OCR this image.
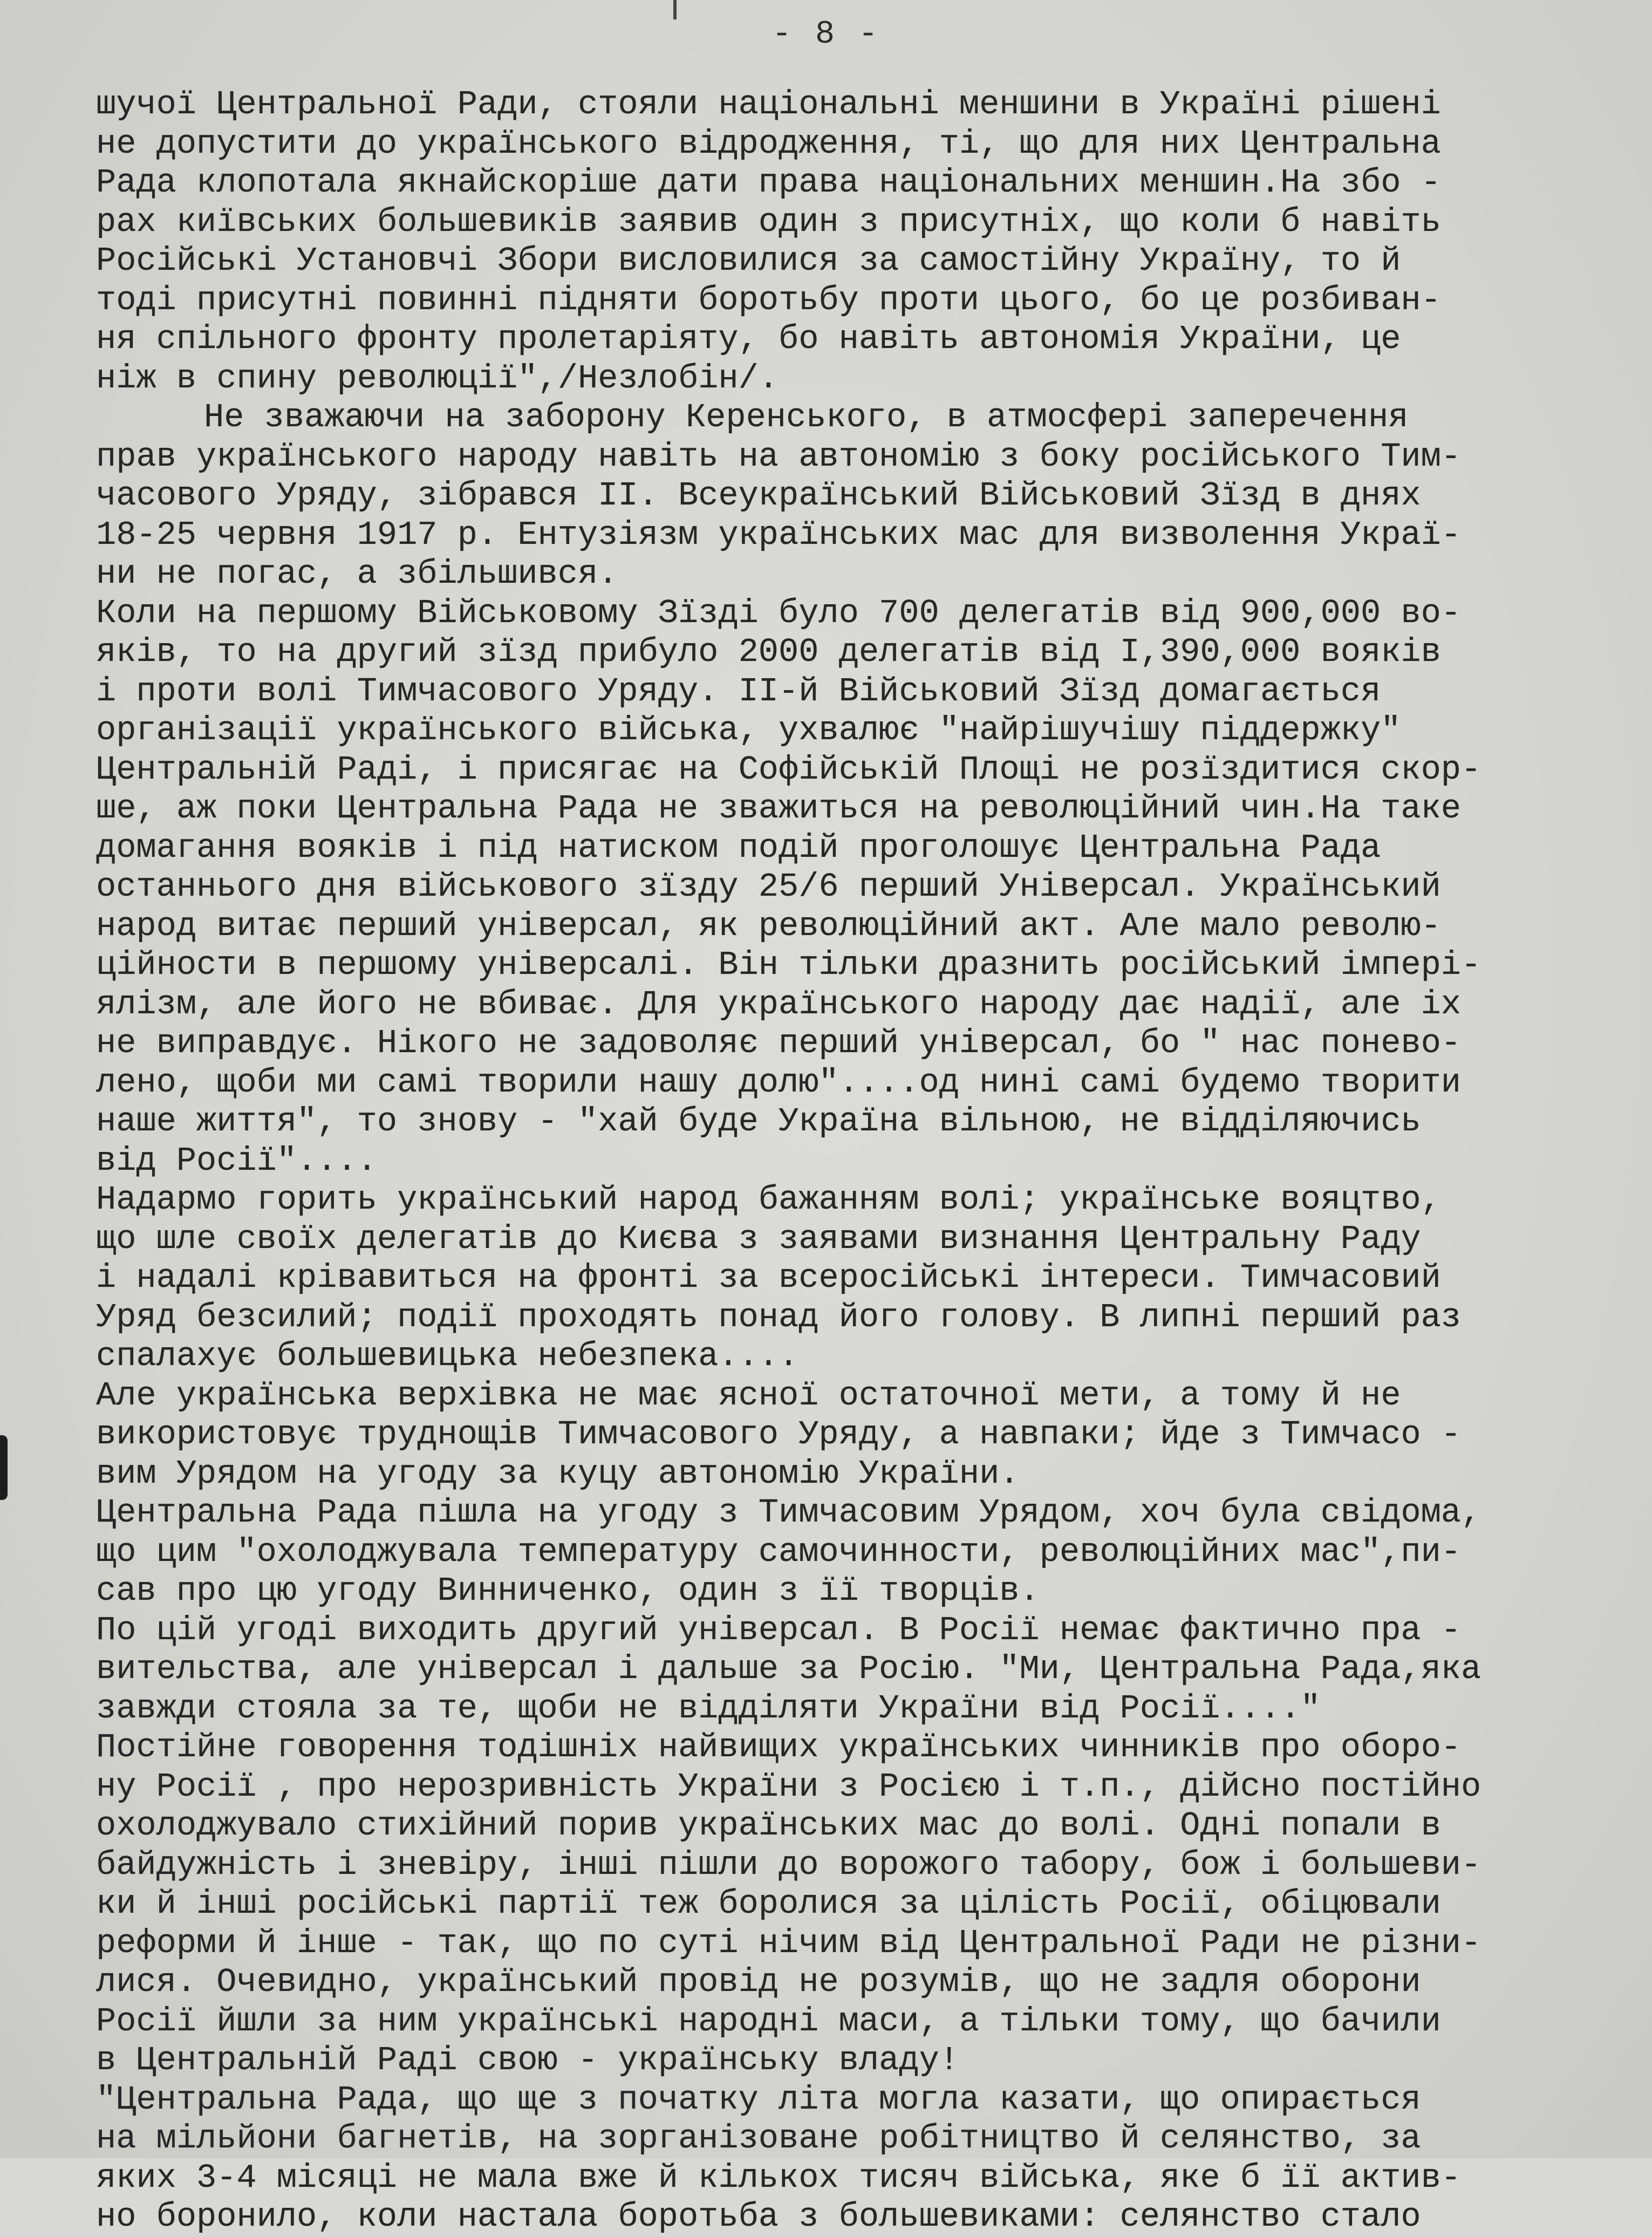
- 8 -
шучої Центральної Ради, стояли національні меншини в Україні рішені
не допустити до українського відродження, ті, що для них Центральна
Рада клопотала якнайскоріше дати права національних меншин.На збо -
рах київських большевиків заявив один з присутніх, що коли б навіть
Російські Установчі Збори висловилися за самостійну Україну, то й
тоді присутні повинні підняти боротьбу проти цього, бо це розбиван-
ня спільного фронту пролетаріяту, бо навіть автономія України, це
ніж в спину революції",/Незлобін/.
Не зважаючи на заборону Керенського, в атмосфері заперечення
прав українського народу навіть на автономію з боку російського Тим-
часового Уряду, зібрався II. Всеукраїнський Військовий Зїзд в днях
18-25 червня 1917 р. Ентузіязм українських мас для визволення Украї-
ни не погас, а збільшився.
Коли на першому Військовому Зїзді було 700 делегатів від 900,000 во-
яків, то на другий зїзд прибуло 2000 делегатів від I,390,000 вояків
і проти волі Тимчасового Уряду. II-й Військовий Зїзд домагається
організації українського війська, ухвалює "найрішучішу піддержку"
Центральній Раді, і присягає на Софійській Площі не розїздитися скор-
ше, аж поки Центральна Рада не зважиться на революційний чин.На таке
домагання вояків і під натиском подій проголошує Центральна Рада
останнього дня військового зїзду 25/6 перший Універсал. Український
народ витає перший універсал, як революційний акт. Але мало револю-
ційности в першому універсалі. Він тільки дразнить російський імпері-
ялізм, але його не вбиває. Для українського народу дає надії, але іх
не виправдує. Нікого не задоволяє перший універсал, бо " нас понево-
лено, щоби ми самі творили нашу долю"....од нині самі будемо творити
наше життя", то знову - "хай буде Україна вільною, не відділяючись
від Росії"....
Надармо горить український народ бажанням волі; українське вояцтво,
що шле своїх делегатів до Києва з заявами визнання Центральну Раду
і надалі крівавиться на фронті за всеросійські інтереси. Тимчасовий
Уряд безсилий; події проходять понад його голову. В липні перший раз
спалахує большевицька небезпека....
Але українська верхівка не має ясної остаточної мети, а тому й не
використовує труднощів Тимчасового Уряду, а навпаки; йде з Тимчасо -
вим Урядом на угоду за куцу автономію України.
Центральна Рада пішла на угоду з Тимчасовим Урядом, хоч була свідома,
що цим "охолоджувала температуру самочинности, революційних мас",пи-
сав про цю угоду Винниченко, один з її творців.
По цій угоді виходить другий універсал. В Росії немає фактично пра -
вительства, але універсал і дальше за Росію. "Ми, Центральна Рада,яка
завжди стояла за те, щоби не відділяти України від Росії...."
Постійне говорення тодішніх найвищих українських чинників про оборо-
ну Росії , про нерозривність України з Росією і т.п., дійсно постійно
охолоджувало стихійний порив українських мас до волі. Одні попали в
байдужність і зневіру, інші пішли до ворожого табору, бож і большеви-
ки й інші російські партії теж боролися за цілість Росії, обіцювали
реформи й інше - так, що по суті нічим від Центральної Ради не різни-
лися. Очевидно, український провід не розумів, що не задля оборони
Росії йшли за ним українські народні маси, а тільки тому, що бачили
в Центральній Раді свою - українську владу!
"Центральна Рада, що ще з початку літа могла казати, що опирається
на мільйони багнетів, на зорганізоване робітництво й селянство, за
яких 3-4 місяці не мала вже й кількох тисяч війська, яке б її актив-
но боронило, коли настала боротьба з большевиками: селянство стало
